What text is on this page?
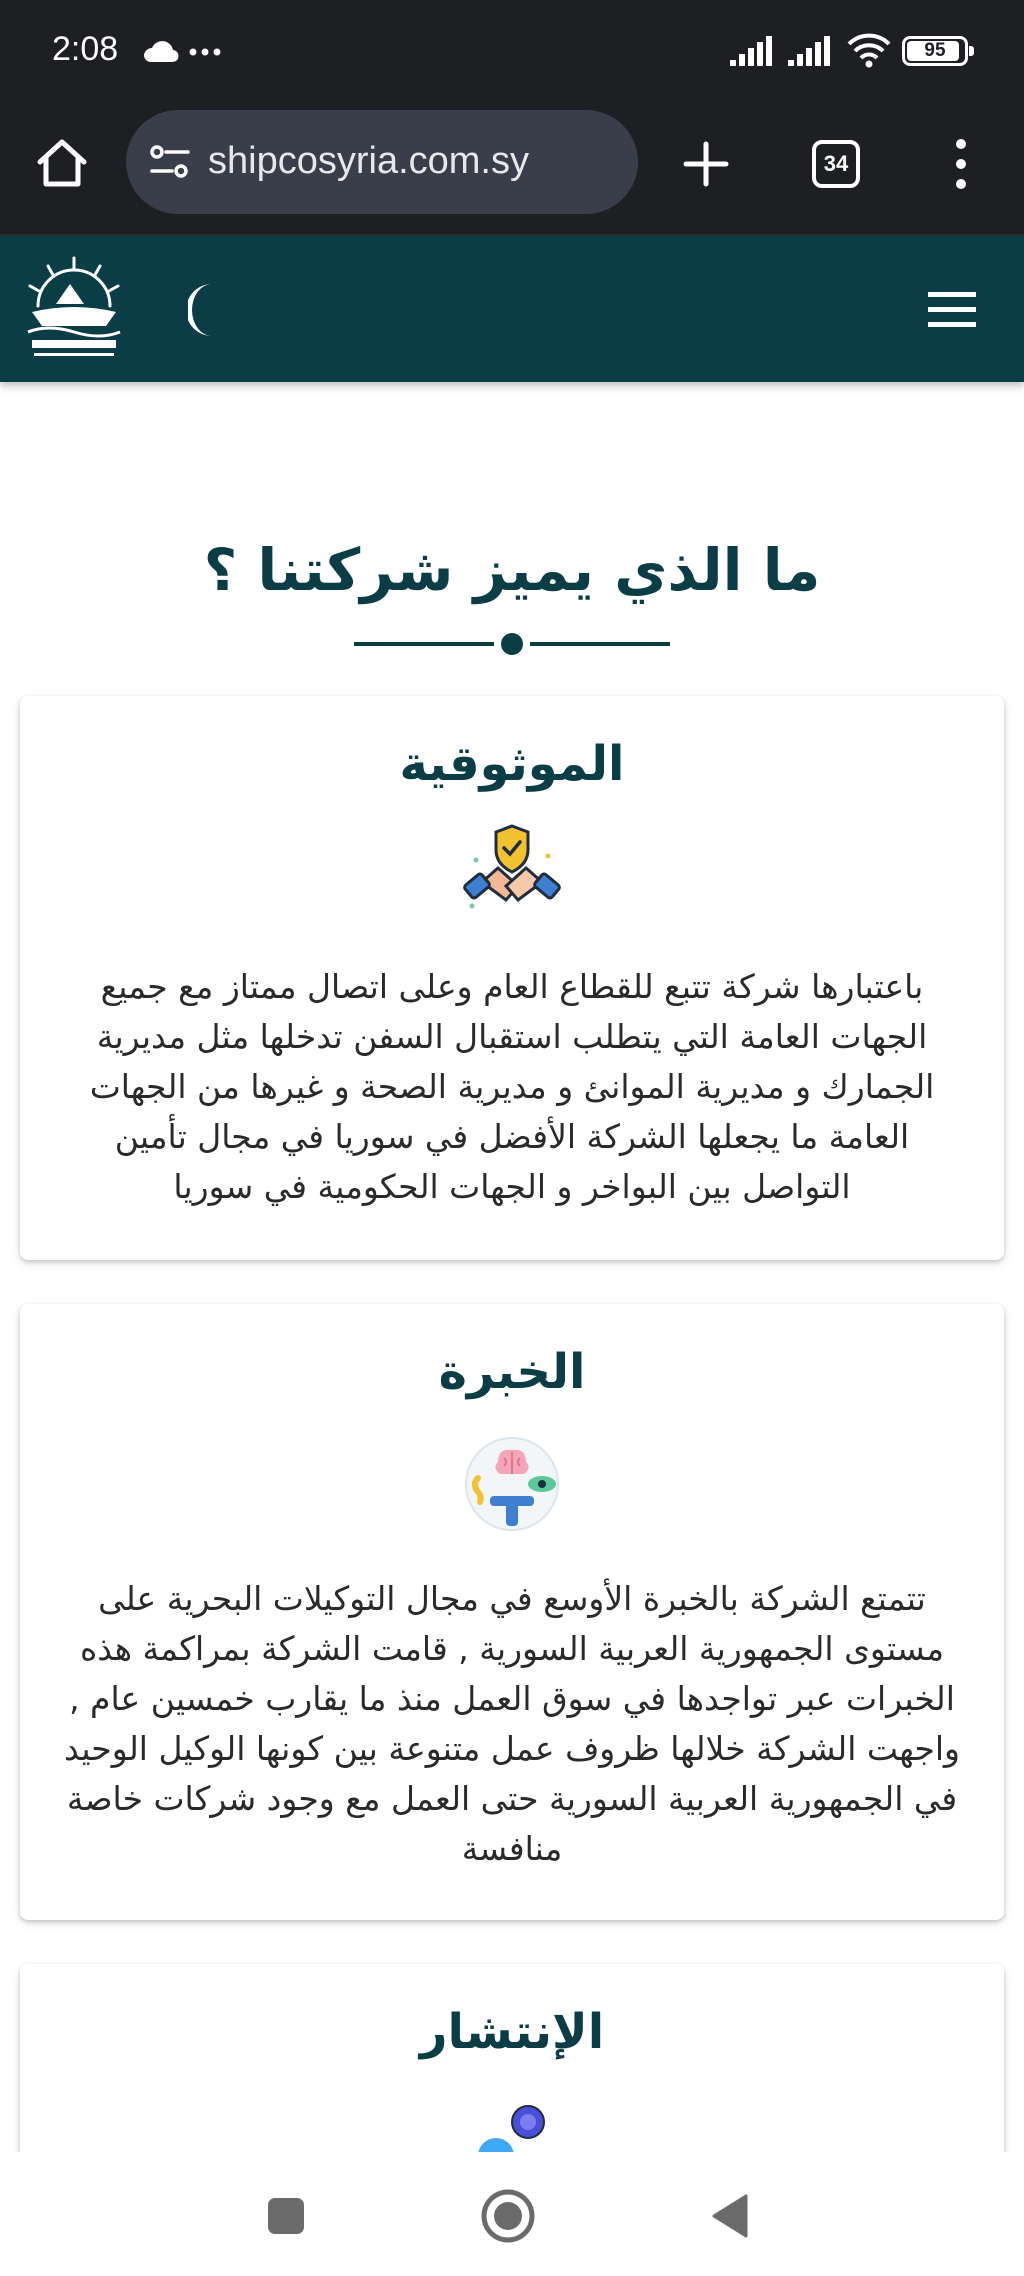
2:08	95
shipcosyria.com.sy	34
ما الذي يميز شركتنا ؟
الموثوقية

باعتبارها شركة تتبع للقطاع العام وعلى اتصال ممتاز مع جميع الجهات العامة التي يتطلب استقبال السفن تدخلها مثل مديرية الجمارك و مديرية الموانئ و مديرية الصحة و غيرها من الجهات العامة ما يجعلها الشركة الأفضل في سوريا في مجال تأمين التواصل بين البواخر و الجهات الحكومية في سوريا

الخبرة

تتمتع الشركة بالخبرة الأوسع في مجال التوكيلات البحرية على مستوى الجمهورية العربية السورية , قامت الشركة بمراكمة هذه الخبرات عبر تواجدها في سوق العمل منذ ما يقارب خمسين عام , واجهت الشركة خلالها ظروف عمل متنوعة بين كونها الوكيل الوحيد في الجمهورية العربية السورية حتى العمل مع وجود شركات خاصة منافسة

الإنتشار
